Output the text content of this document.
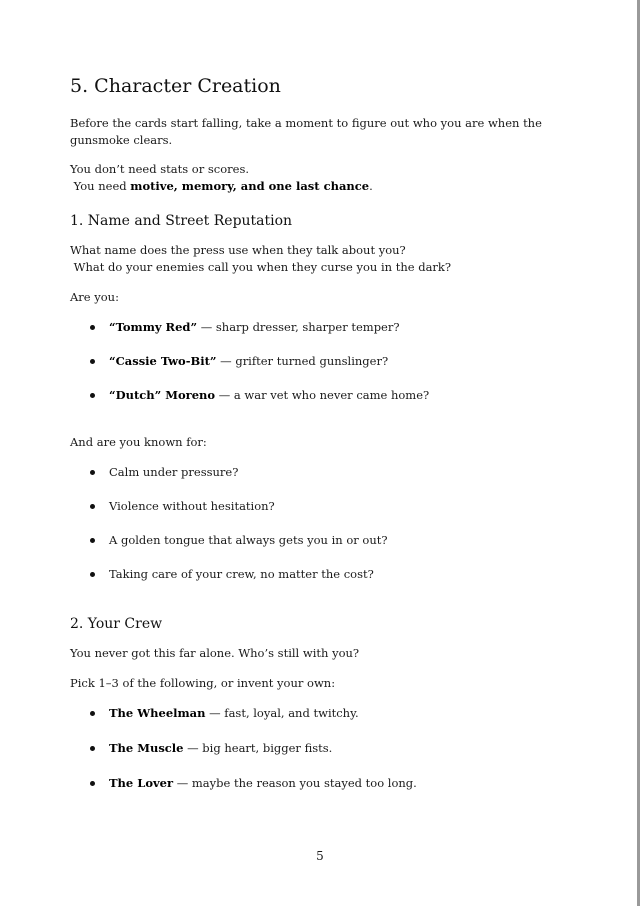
5. Character Creation

Before the cards start falling, take a moment to figure out who you are when the gunsmoke clears.

You don’t need stats or scores.
You need motive, memory, and one last chance.

1. Name and Street Reputation

What name does the press use when they talk about you?
What do your enemies call you when they curse you in the dark?

Are you:

“Tommy Red” — sharp dresser, sharper temper?
“Cassie Two-Bit” — grifter turned gunslinger?
“Dutch” Moreno — a war vet who never came home?

And are you known for:

Calm under pressure?
Violence without hesitation?
A golden tongue that always gets you in or out?
Taking care of your crew, no matter the cost?
2. Your Crew

You never got this far alone. Who’s still with you?

Pick 1–3 of the following, or invent your own:

The Wheelman — fast, loyal, and twitchy.
The Muscle — big heart, bigger fists.
The Lover — maybe the reason you stayed too long.
5
